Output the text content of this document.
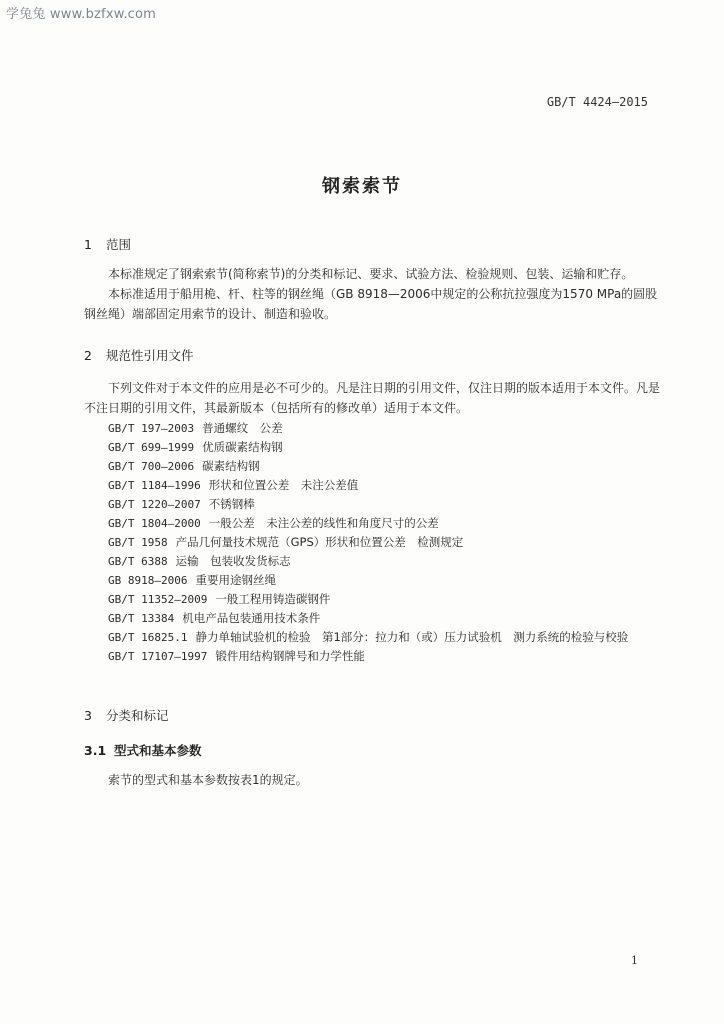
学兔兔 www.bzfxw.com
GB/T 4424—2015
钢索索节
1 范围
本标准规定了钢索索节(简称索节)的分类和标记、要求、试验方法、检验规则、包装、运输和贮存。
本标准适用于船用桅、杆、柱等的钢丝绳（GB 8918—2006中规定的公称抗拉强度为1570 MPa的圆股钢丝绳）端部固定用索节的设计、制造和验收。
2 规范性引用文件
下列文件对于本文件的应用是必不可少的。凡是注日期的引用文件，仅注日期的版本适用于本文件。凡是不注日期的引用文件，其最新版本（包括所有的修改单）适用于本文件。
GB/T 197—2003 普通螺纹　公差
GB/T 699—1999 优质碳素结构钢
GB/T 700—2006 碳素结构钢
GB/T 1184—1996 形状和位置公差　未注公差值
GB/T 1220—2007 不锈钢棒
GB/T 1804—2000 一般公差　未注公差的线性和角度尺寸的公差
GB/T 1958 产品几何量技术规范（GPS）形状和位置公差　检测规定
GB/T 6388 运输　包装收发货标志
GB 8918—2006 重要用途钢丝绳
GB/T 11352—2009 一般工程用铸造碳钢件
GB/T 13384 机电产品包装通用技术条件
GB/T 16825.1 静力单轴试验机的检验　第1部分：拉力和（或）压力试验机　测力系统的检验与校验
GB/T 17107—1997 锻件用结构钢牌号和力学性能
3 分类和标记
3.1 型式和基本参数
索节的型式和基本参数按表1的规定。
1
